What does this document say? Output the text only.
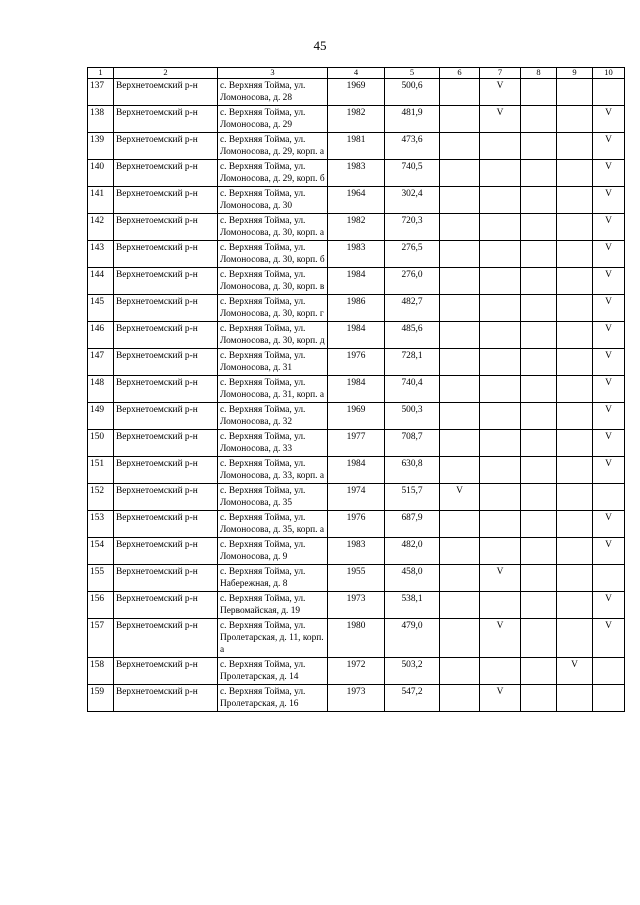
45
1	2	3	4	5	6	7	8	9	10
137	Верхнетоемский р-н	с. Верхняя Тойма, ул. Ломоносова, д. 28	1969	500,6		V			
138	Верхнетоемский р-н	с. Верхняя Тойма, ул. Ломоносова, д. 29	1982	481,9		V			V
139	Верхнетоемский р-н	с. Верхняя Тойма, ул. Ломоносова, д. 29, корп. а	1981	473,6					V
140	Верхнетоемский р-н	с. Верхняя Тойма, ул. Ломоносова, д. 29, корп. б	1983	740,5					V
141	Верхнетоемский р-н	с. Верхняя Тойма, ул. Ломоносова, д. 30	1964	302,4					V
142	Верхнетоемский р-н	с. Верхняя Тойма, ул. Ломоносова, д. 30, корп. а	1982	720,3					V
143	Верхнетоемский р-н	с. Верхняя Тойма, ул. Ломоносова, д. 30, корп. б	1983	276,5					V
144	Верхнетоемский р-н	с. Верхняя Тойма, ул. Ломоносова, д. 30, корп. в	1984	276,0					V
145	Верхнетоемский р-н	с. Верхняя Тойма, ул. Ломоносова, д. 30, корп. г	1986	482,7					V
146	Верхнетоемский р-н	с. Верхняя Тойма, ул. Ломоносова, д. 30, корп. д	1984	485,6					V
147	Верхнетоемский р-н	с. Верхняя Тойма, ул. Ломоносова, д. 31	1976	728,1					V
148	Верхнетоемский р-н	с. Верхняя Тойма, ул. Ломоносова, д. 31, корп. а	1984	740,4					V
149	Верхнетоемский р-н	с. Верхняя Тойма, ул. Ломоносова, д. 32	1969	500,3					V
150	Верхнетоемский р-н	с. Верхняя Тойма, ул. Ломоносова, д. 33	1977	708,7					V
151	Верхнетоемский р-н	с. Верхняя Тойма, ул. Ломоносова, д. 33, корп. а	1984	630,8					V
152	Верхнетоемский р-н	с. Верхняя Тойма, ул. Ломоносова, д. 35	1974	515,7	V				
153	Верхнетоемский р-н	с. Верхняя Тойма, ул. Ломоносова, д. 35, корп. а	1976	687,9					V
154	Верхнетоемский р-н	с. Верхняя Тойма, ул. Ломоносова, д. 9	1983	482,0					V
155	Верхнетоемский р-н	с. Верхняя Тойма, ул. Набережная, д. 8	1955	458,0		V			
156	Верхнетоемский р-н	с. Верхняя Тойма, ул. Первомайская, д. 19	1973	538,1					V
157	Верхнетоемский р-н	с. Верхняя Тойма, ул. Пролетарская, д. 11, корп. а	1980	479,0		V			V
158	Верхнетоемский р-н	с. Верхняя Тойма, ул. Пролетарская, д. 14	1972	503,2				V	
159	Верхнетоемский р-н	с. Верхняя Тойма, ул. Пролетарская, д. 16	1973	547,2		V			
